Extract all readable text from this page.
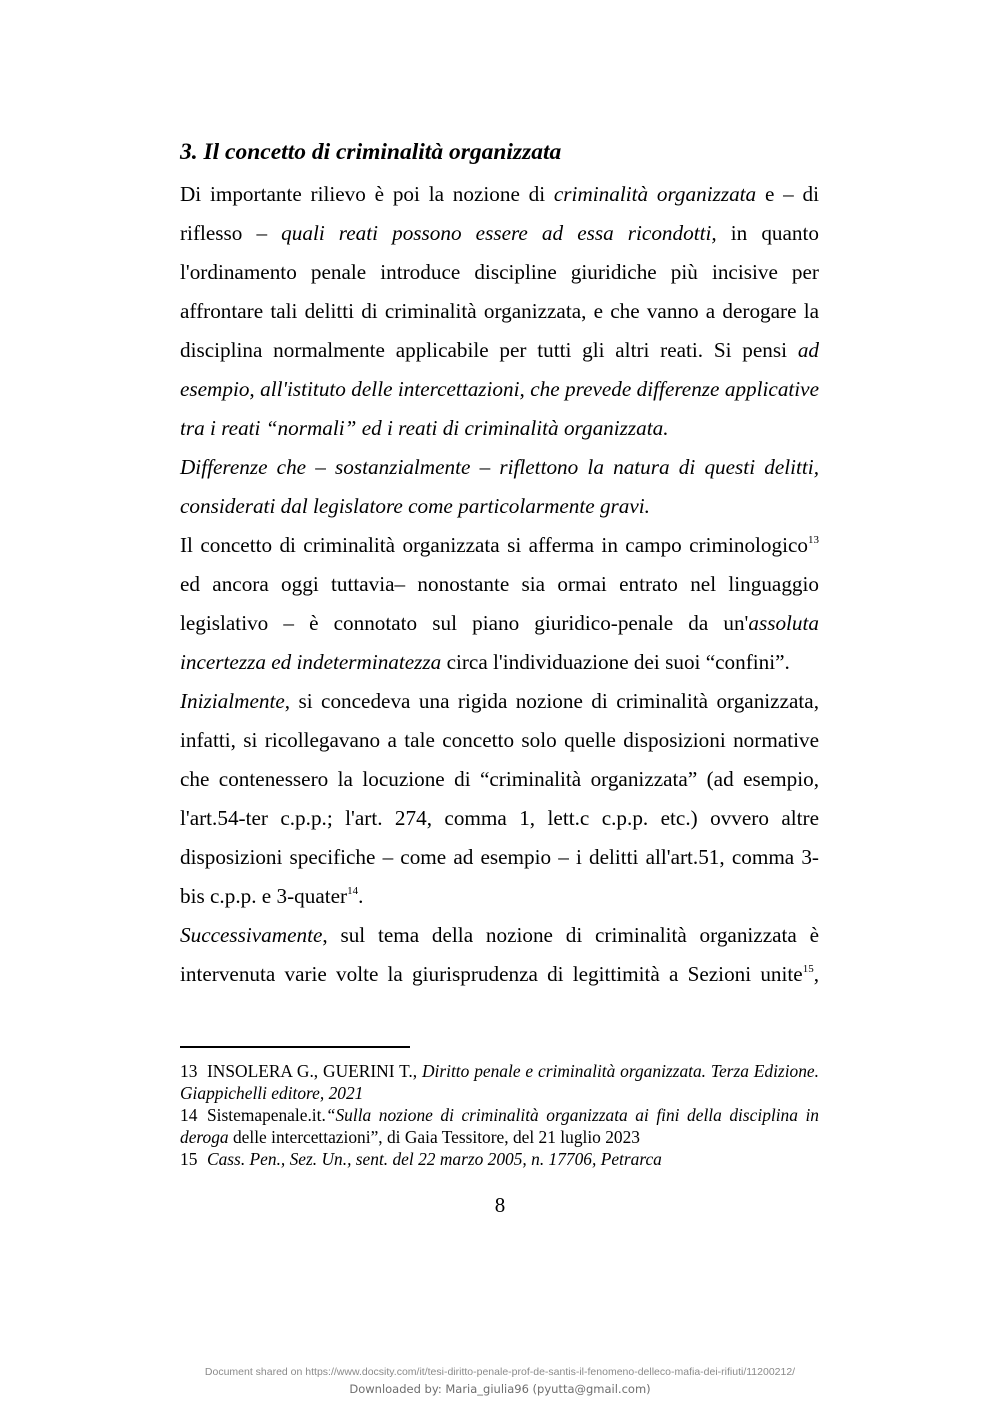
3. Il concetto di criminalità organizzata

Di importante rilievo è poi la nozione di criminalità organizzata e – di riflesso – quali reati possono essere ad essa ricondotti, in quanto l'ordinamento penale introduce discipline giuridiche più incisive per affrontare tali delitti di criminalità organizzata, e che vanno a derogare la disciplina normalmente applicabile per tutti gli altri reati. Si pensi ad esempio, all'istituto delle intercettazioni, che prevede differenze applicative tra i reati “normali” ed i reati di criminalità organizzata.

Differenze che – sostanzialmente – riflettono la natura di questi delitti, considerati dal legislatore come particolarmente gravi.

Il concetto di criminalità organizzata si afferma in campo criminologico$^{13}$ ed ancora oggi tuttavia– nonostante sia ormai entrato nel linguaggio legislativo – è connotato sul piano giuridico-penale da un'assoluta incertezza ed indeterminatezza circa l'individuazione dei suoi “confini”.

Inizialmente, si concedeva una rigida nozione di criminalità organizzata, infatti, si ricollegavano a tale concetto solo quelle disposizioni normative che contenessero la locuzione di “criminalità organizzata” (ad esempio, l'art.54-ter c.p.p.; l'art. 274, comma 1, lett.c c.p.p. etc.) ovvero altre disposizioni specifiche – come ad esempio – i delitti all'art.51, comma 3-bis c.p.p. e 3-quater$^{14}$.

Successivamente, sul tema della nozione di criminalità organizzata è intervenuta varie volte la giurisprudenza di legittimità a Sezioni unite$^{15}$,

13 INSOLERA G., GUERINI T., Diritto penale e criminalità organizzata. Terza Edizione. Giappichelli editore, 2021

14 Sistemapenale.it.“Sulla nozione di criminalità organizzata ai fini della disciplina in deroga delle intercettazioni”, di Gaia Tessitore, del 21 luglio 2023

15 Cass. Pen., Sez. Un., sent. del 22 marzo 2005, n. 17706, Petrarca

8
Document shared on https://www.docsity.com/it/tesi-diritto-penale-prof-de-santis-il-fenomeno-delleco-mafia-dei-rifiuti/11200212/
Downloaded by: Maria_giulia96 (pyutta@gmail.com)
